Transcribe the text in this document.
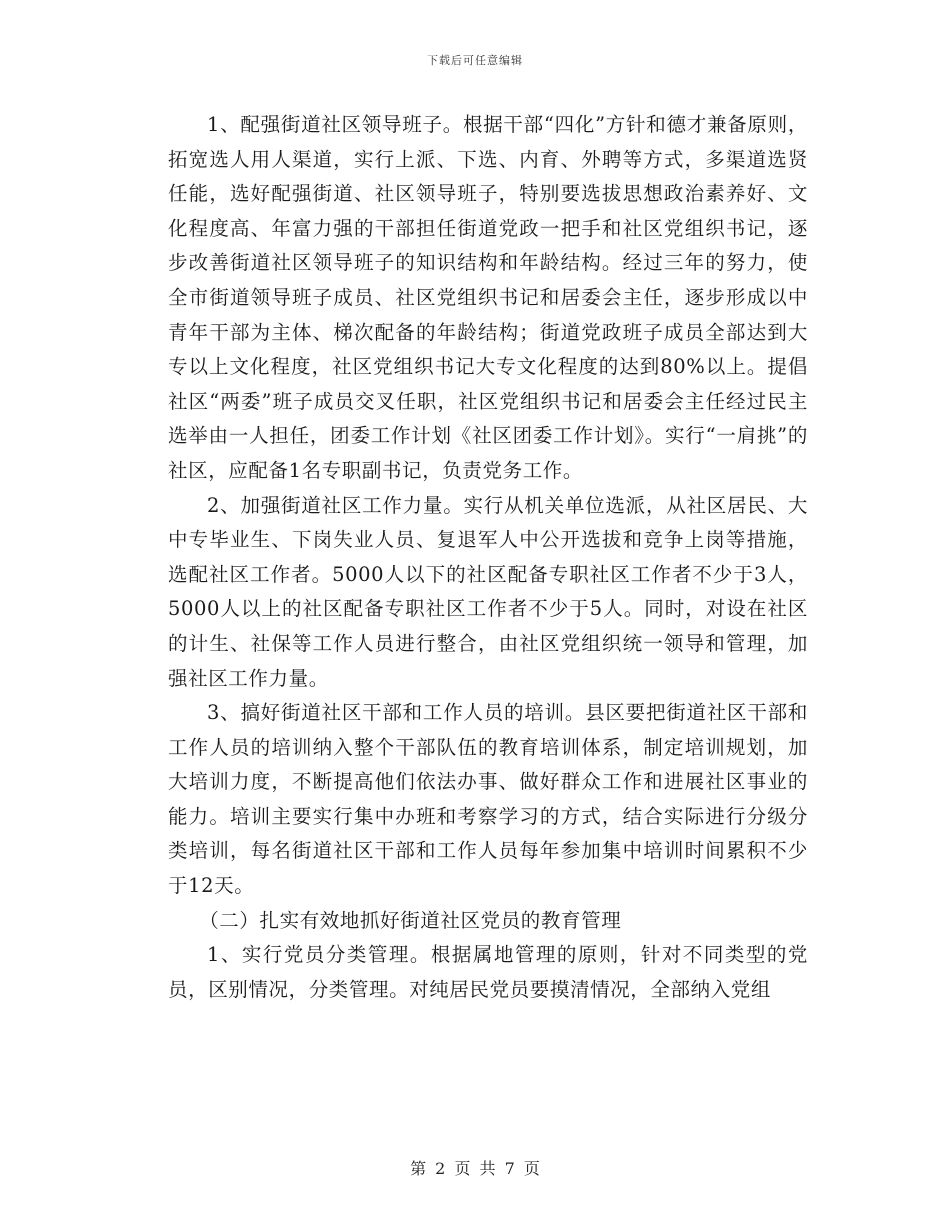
下载后可任意编辑

1、配强街道社区领导班子。根据干部“四化”方针和德才兼备原则，拓宽选人用人渠道，实行上派、下选、内育、外聘等方式，多渠道选贤任能，选好配强街道、社区领导班子，特别要选拔思想政治素养好、文化程度高、年富力强的干部担任街道党政一把手和社区党组织书记，逐步改善街道社区领导班子的知识结构和年龄结构。经过三年的努力，使全市街道领导班子成员、社区党组织书记和居委会主任，逐步形成以中青年干部为主体、梯次配备的年龄结构；街道党政班子成员全部达到大专以上文化程度，社区党组织书记大专文化程度的达到80%以上。提倡社区“两委”班子成员交叉任职，社区党组织书记和居委会主任经过民主选举由一人担任，团委工作计划《社区团委工作计划》。实行“一肩挑”的社区，应配备1名专职副书记，负责党务工作。

2、加强街道社区工作力量。实行从机关单位选派，从社区居民、大中专毕业生、下岗失业人员、复退军人中公开选拔和竞争上岗等措施，选配社区工作者。5000人以下的社区配备专职社区工作者不少于3人，5000人以上的社区配备专职社区工作者不少于5人。同时，对设在社区的计生、社保等工作人员进行整合，由社区党组织统一领导和管理，加强社区工作力量。

3、搞好街道社区干部和工作人员的培训。县区要把街道社区干部和工作人员的培训纳入整个干部队伍的教育培训体系，制定培训规划，加大培训力度，不断提高他们依法办事、做好群众工作和进展社区事业的能力。培训主要实行集中办班和考察学习的方式，结合实际进行分级分类培训，每名街道社区干部和工作人员每年参加集中培训时间累积不少于12天。

（二）扎实有效地抓好街道社区党员的教育管理

1、实行党员分类管理。根据属地管理的原则，针对不同类型的党员，区别情况，分类管理。对纯居民党员要摸清情况，全部纳入党组

第 2 页 共 7 页
